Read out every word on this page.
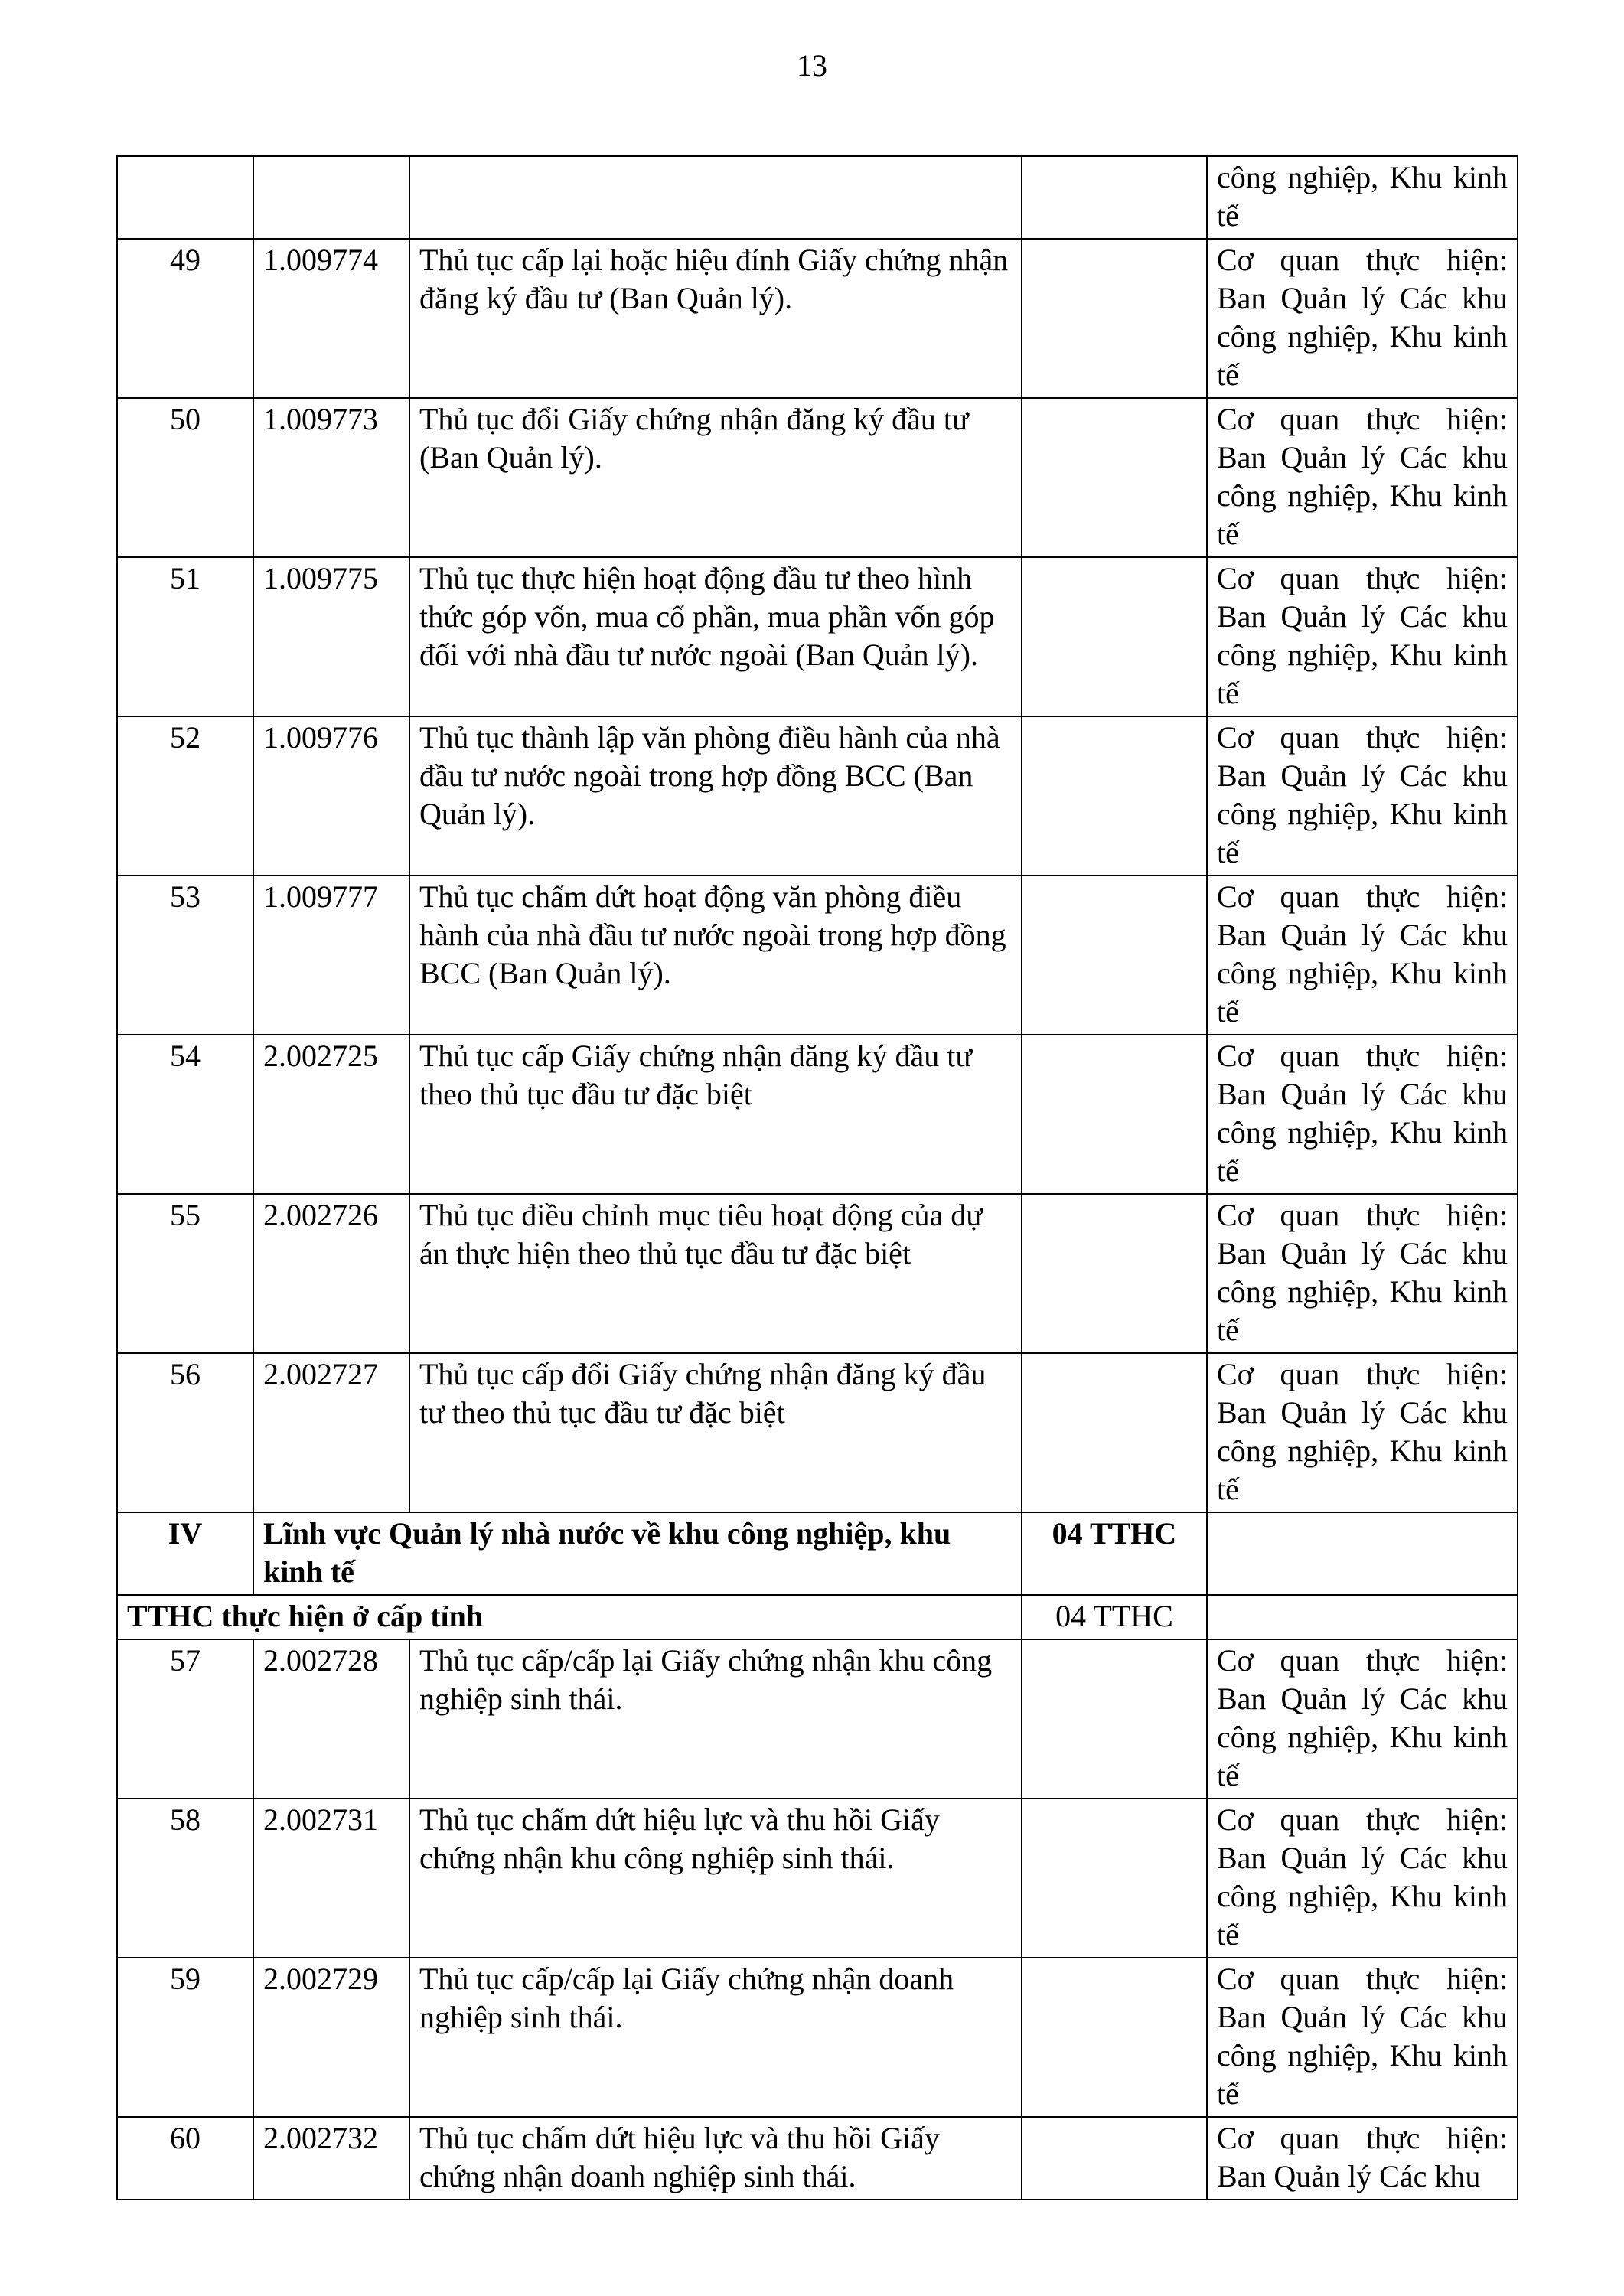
13
				công nghiệp, Khu kinh tế
49	1.009774	Thủ tục cấp lại hoặc hiệu đính Giấy chứng nhận đăng ký đầu tư (Ban Quản lý).		Cơ quan thực hiện: Ban Quản lý Các khu công nghiệp, Khu kinh tế
50	1.009773	Thủ tục đổi Giấy chứng nhận đăng ký đầu tư (Ban Quản lý).		Cơ quan thực hiện: Ban Quản lý Các khu công nghiệp, Khu kinh tế
51	1.009775	Thủ tục thực hiện hoạt động đầu tư theo hình thức góp vốn, mua cổ phần, mua phần vốn góp đối với nhà đầu tư nước ngoài (Ban Quản lý).		Cơ quan thực hiện: Ban Quản lý Các khu công nghiệp, Khu kinh tế
52	1.009776	Thủ tục thành lập văn phòng điều hành của nhà đầu tư nước ngoài trong hợp đồng BCC (Ban Quản lý).		Cơ quan thực hiện: Ban Quản lý Các khu công nghiệp, Khu kinh tế
53	1.009777	Thủ tục chấm dứt hoạt động văn phòng điều hành của nhà đầu tư nước ngoài trong hợp đồng BCC (Ban Quản lý).		Cơ quan thực hiện: Ban Quản lý Các khu công nghiệp, Khu kinh tế
54	2.002725	Thủ tục cấp Giấy chứng nhận đăng ký đầu tư theo thủ tục đầu tư đặc biệt		Cơ quan thực hiện: Ban Quản lý Các khu công nghiệp, Khu kinh tế
55	2.002726	Thủ tục điều chỉnh mục tiêu hoạt động của dự án thực hiện theo thủ tục đầu tư đặc biệt		Cơ quan thực hiện: Ban Quản lý Các khu công nghiệp, Khu kinh tế
56	2.002727	Thủ tục cấp đổi Giấy chứng nhận đăng ký đầu tư theo thủ tục đầu tư đặc biệt		Cơ quan thực hiện: Ban Quản lý Các khu công nghiệp, Khu kinh tế
IV	Lĩnh vực Quản lý nhà nước về khu công nghiệp, khu kinh tế		04 TTHC	
TTHC thực hiện ở cấp tỉnh			04 TTHC	
57	2.002728	Thủ tục cấp/cấp lại Giấy chứng nhận khu công nghiệp sinh thái.		Cơ quan thực hiện: Ban Quản lý Các khu công nghiệp, Khu kinh tế
58	2.002731	Thủ tục chấm dứt hiệu lực và thu hồi Giấy chứng nhận khu công nghiệp sinh thái.		Cơ quan thực hiện: Ban Quản lý Các khu công nghiệp, Khu kinh tế
59	2.002729	Thủ tục cấp/cấp lại Giấy chứng nhận doanh nghiệp sinh thái.		Cơ quan thực hiện: Ban Quản lý Các khu công nghiệp, Khu kinh tế
60	2.002732	Thủ tục chấm dứt hiệu lực và thu hồi Giấy chứng nhận doanh nghiệp sinh thái.		Cơ quan thực hiện: Ban Quản lý Các khu
